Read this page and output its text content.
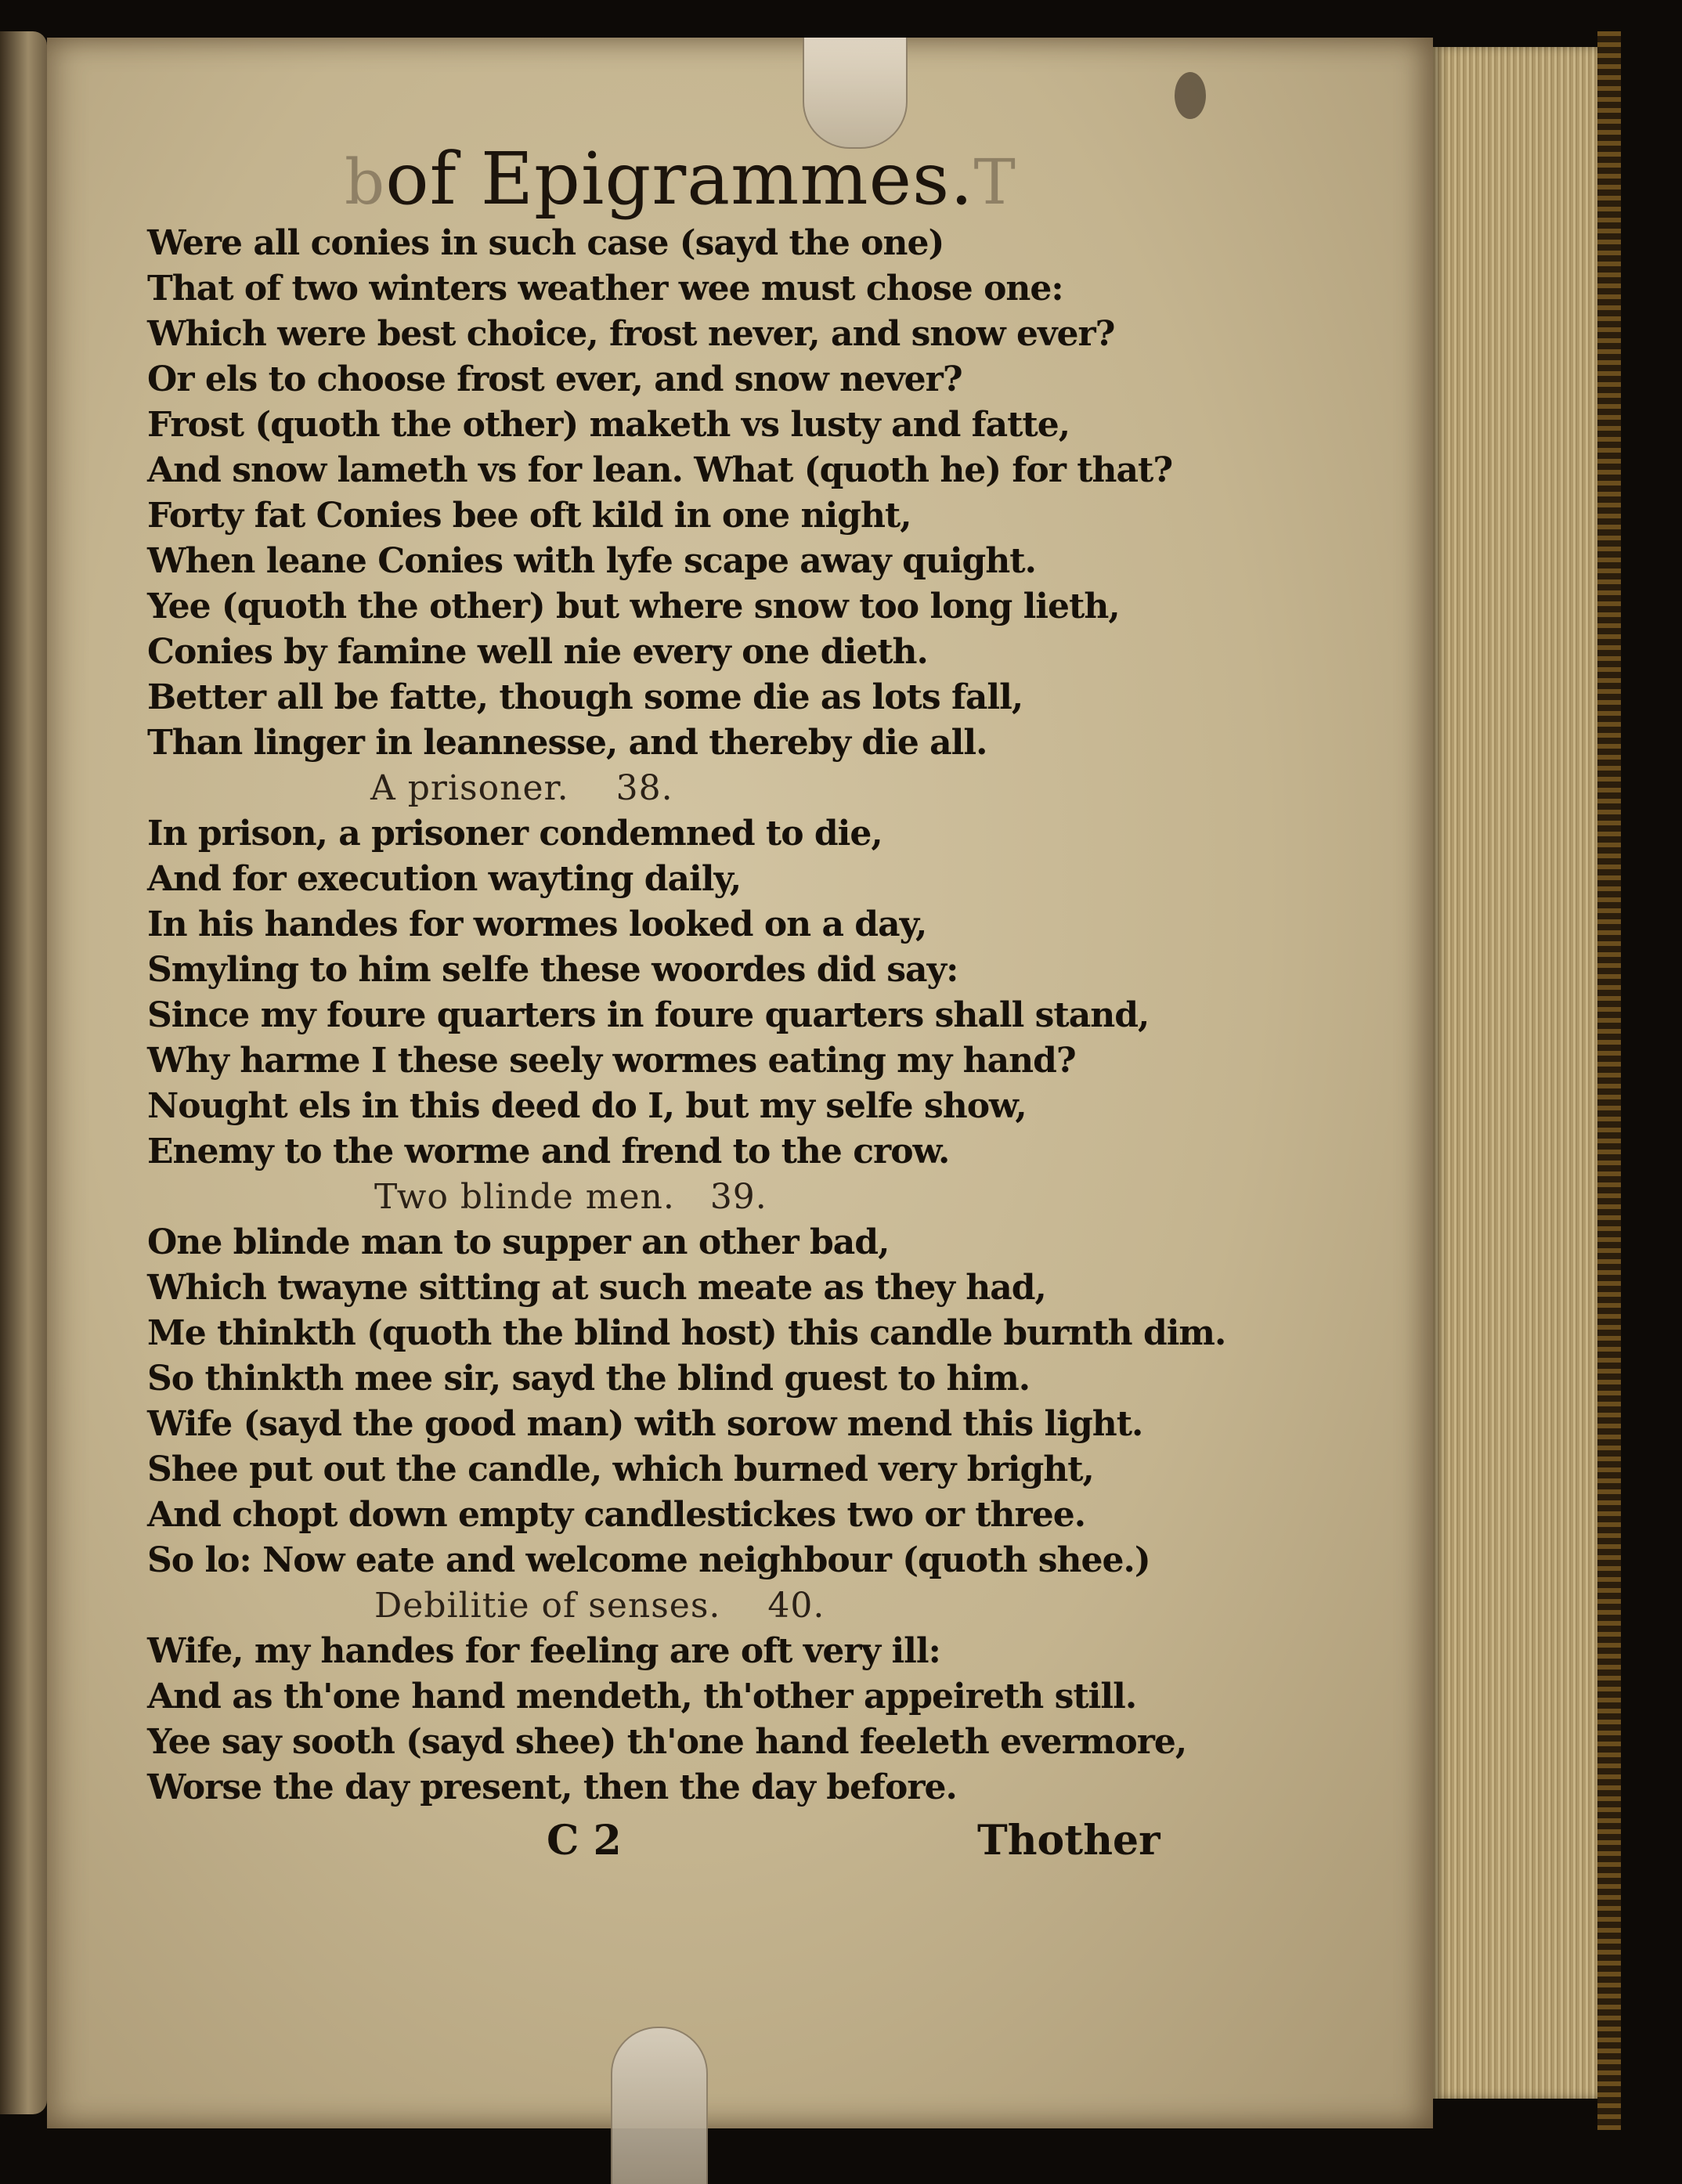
bof Epigrammes.T
Were all conies in such case (sayd the one)
That of two winters weather wee must chose one:
Which were best choice, frost never, and snow ever?
Or els to choose frost ever, and snow never?
Frost (quoth the other) maketh vs lusty and fatte,
And snow lameth vs for lean. What (quoth he) for that?
Forty fat Conies bee oft kild in one night,
When leane Conies with lyfe scape away quight.
Yee (quoth the other) but where snow too long lieth,
Conies by famine well nie every one dieth.
Better all be fatte, though some die as lots fall,
Than linger in leannesse, and thereby die all.
A prisoner. 38.
In prison, a prisoner condemned to die,
And for execution wayting daily,
In his handes for wormes looked on a day,
Smyling to him selfe these woordes did say:
Since my foure quarters in foure quarters shall stand,
Why harme I these seely wormes eating my hand?
Nought els in this deed do I, but my selfe show,
Enemy to the worme and frend to the crow.
Two blinde men. 39.
One blinde man to supper an other bad,
Which twayne sitting at such meate as they had,
Me thinkth (quoth the blind host) this candle burnth dim.
So thinkth mee sir, sayd the blind guest to him.
Wife (sayd the good man) with sorow mend this light.
Shee put out the candle, which burned very bright,
And chopt down empty candlestickes two or three.
So lo: Now eate and welcome neighbour (quoth shee.)
Debilitie of senses. 40.
Wife, my handes for feeling are oft very ill:
And as th'one hand mendeth, th'other appeireth still.
Yee say sooth (sayd shee) th'one hand feeleth evermore,
Worse the day present, then the day before.
C 2	Thother
